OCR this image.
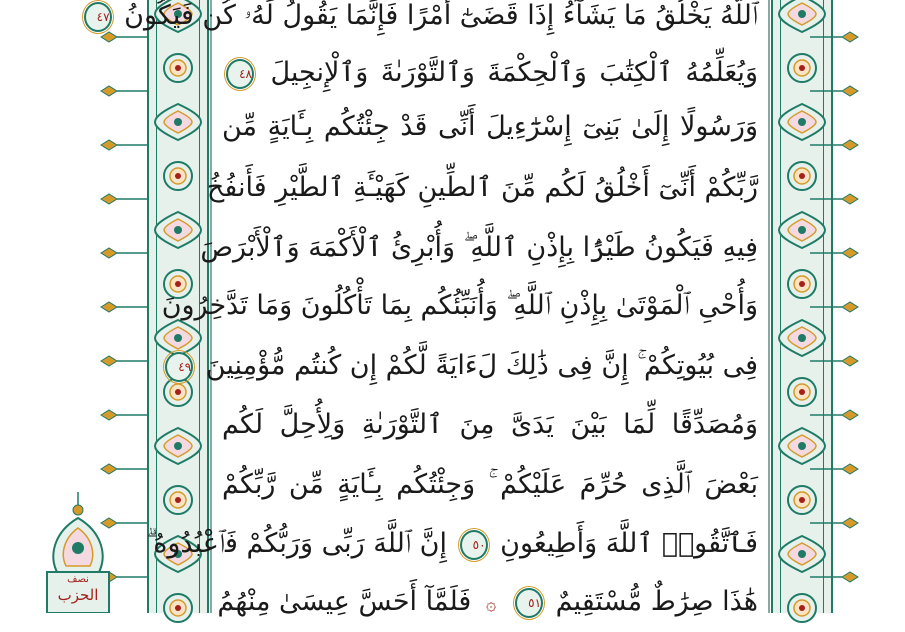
ٱللَّهُ يَخْلُقُ مَا يَشَآءُ إِذَا قَضَىٰٓ أَمْرًا فَإِنَّمَا يَقُولُ لَهُۥ كُن فَيَكُونُ ٤٧
وَيُعَلِّمُهُ ٱلْكِتَٰبَ وَٱلْحِكْمَةَ وَٱلتَّوْرَىٰةَ وَٱلْإِنجِيلَ ٤٨
وَرَسُولًا إِلَىٰ بَنِىٓ إِسْرَٰٓءِيلَ أَنِّى قَدْ جِئْتُكُم بِـَٔايَةٍ مِّن
رَّبِّكُمْ أَنِّىٓ أَخْلُقُ لَكُم مِّنَ ٱلطِّينِ كَهَيْـَٔةِ ٱلطَّيْرِ فَأَنفُخُ
فِيهِ فَيَكُونُ طَيْرًۢا بِإِذْنِ ٱللَّهِ ۖ وَأُبْرِئُ ٱلْأَكْمَهَ وَٱلْأَبْرَصَ
وَأُحْىِ ٱلْمَوْتَىٰ بِإِذْنِ ٱللَّهِ ۖ وَأُنَبِّئُكُم بِمَا تَأْكُلُونَ وَمَا تَدَّخِرُونَ
فِى بُيُوتِكُمْ ۚ إِنَّ فِى ذَٰلِكَ لَءَايَةً لَّكُمْ إِن كُنتُم مُّؤْمِنِينَ ٤٩
وَمُصَدِّقًا لِّمَا بَيْنَ يَدَىَّ مِنَ ٱلتَّوْرَىٰةِ وَلِأُحِلَّ لَكُم
بَعْضَ ٱلَّذِى حُرِّمَ عَلَيْكُمْ ۚ وَجِئْتُكُم بِـَٔايَةٍ مِّن رَّبِّكُمْ
فَٱتَّقُوا۟ ٱللَّهَ وَأَطِيعُونِ ٥٠ إِنَّ ٱللَّهَ رَبِّى وَرَبُّكُمْ فَٱعْبُدُوهُ ۗ
هَٰذَا صِرَٰطٌ مُّسْتَقِيمٌ ٥١ ۞ فَلَمَّآ أَحَسَّ عِيسَىٰ مِنْهُمُ
نصف
الحزب
